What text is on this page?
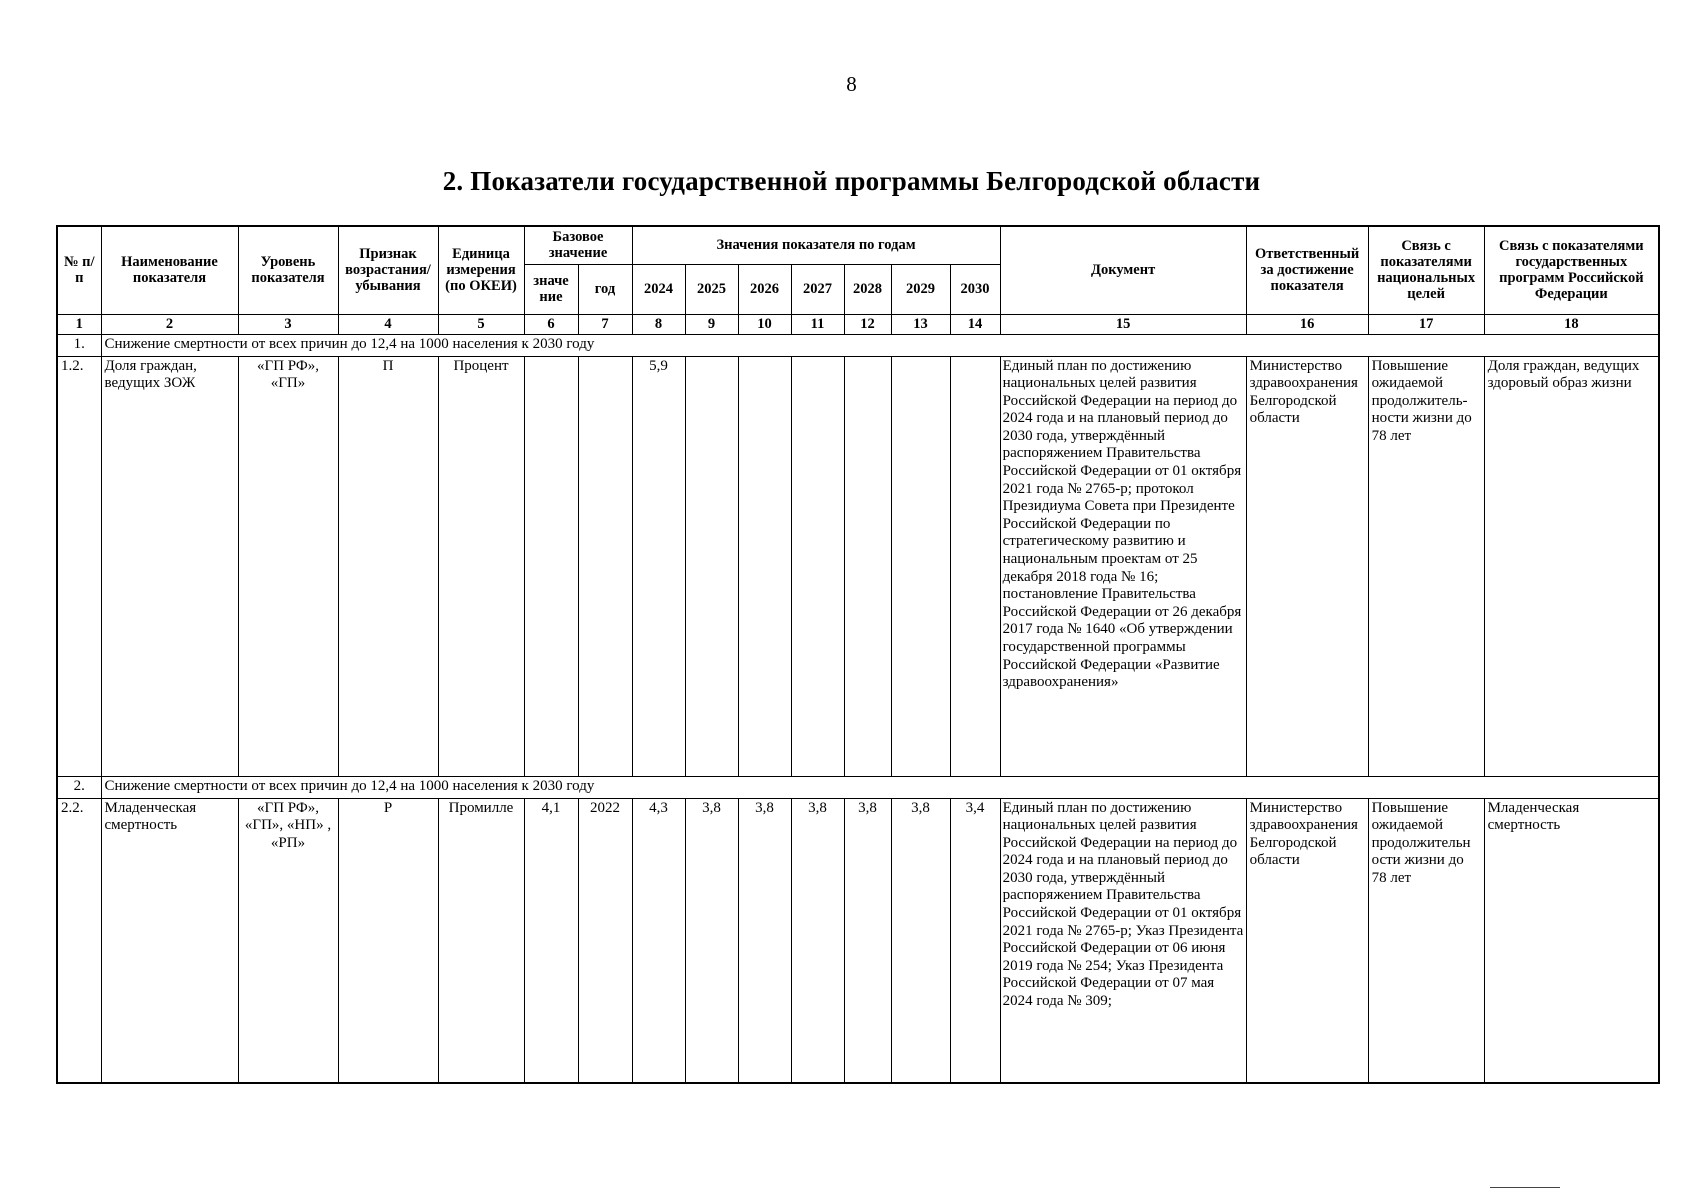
8
2. Показатели государственной программы Белгородской области
№ п/п	Наименование показателя	Уровень показателя	Признак возрастания/ убывания	Единица измерения (по ОКЕИ)	Базовое значение		Значения показателя по годам							Документ	Ответственный за достижение показателя	Связь с показателями национальных целей	Связь с показателями государственных программ Российской Федерации
					значе ние	год	2024	2025	2026	2027	2028	2029	2030				
1	2	3	4	5	6	7	8	9	10	11	12	13	14	15	16	17	18
1.	Снижение смертности от всех причин до 12,4 на 1000 населения к 2030 году																
1.2.	Доля граждан, ведущих ЗОЖ	«ГП РФ», «ГП»	П	Процент			5,9							Единый план по достижению национальных целей развития Российской Федерации на период до 2024 года и на плановый период до 2030 года, утверждённый распоряжением Правительства Российской Федерации от 01 октября 2021 года № 2765-р; протокол Президиума Совета при Президенте Российской Федерации по стратегическому развитию и национальным проектам от 25 декабря 2018 года № 16; постановление Правительства Российской Федерации от 26 декабря 2017 года № 1640 «Об утверждении государственной программы Российской Федерации «Развитие здравоохранения»	Министерство здравоохранения Белгородской области	Повышение ожидаемой продолжитель-ности жизни до 78 лет	Доля граждан, ведущих здоровый образ жизни
2.	Снижение смертности от всех причин до 12,4 на 1000 населения к 2030 году																
2.2.	Младенческая смертность	«ГП РФ», «ГП», «НП» , «РП»	Р	Промилле	4,1	2022	4,3	3,8	3,8	3,8	3,8	3,8	3,4	Единый план по достижению национальных целей развития Российской Федерации на период до 2024 года и на плановый период до 2030 года, утверждённый распоряжением Правительства Российской Федерации от 01 октября 2021 года № 2765-р; Указ Президента Российской Федерации от 06 июня 2019 года № 254; Указ Президента Российской Федерации от 07 мая 2024 года № 309;	Министерство здравоохранения Белгородской области	Повышение ожидаемой продолжительн ости жизни до 78 лет	Младенческая смертность
